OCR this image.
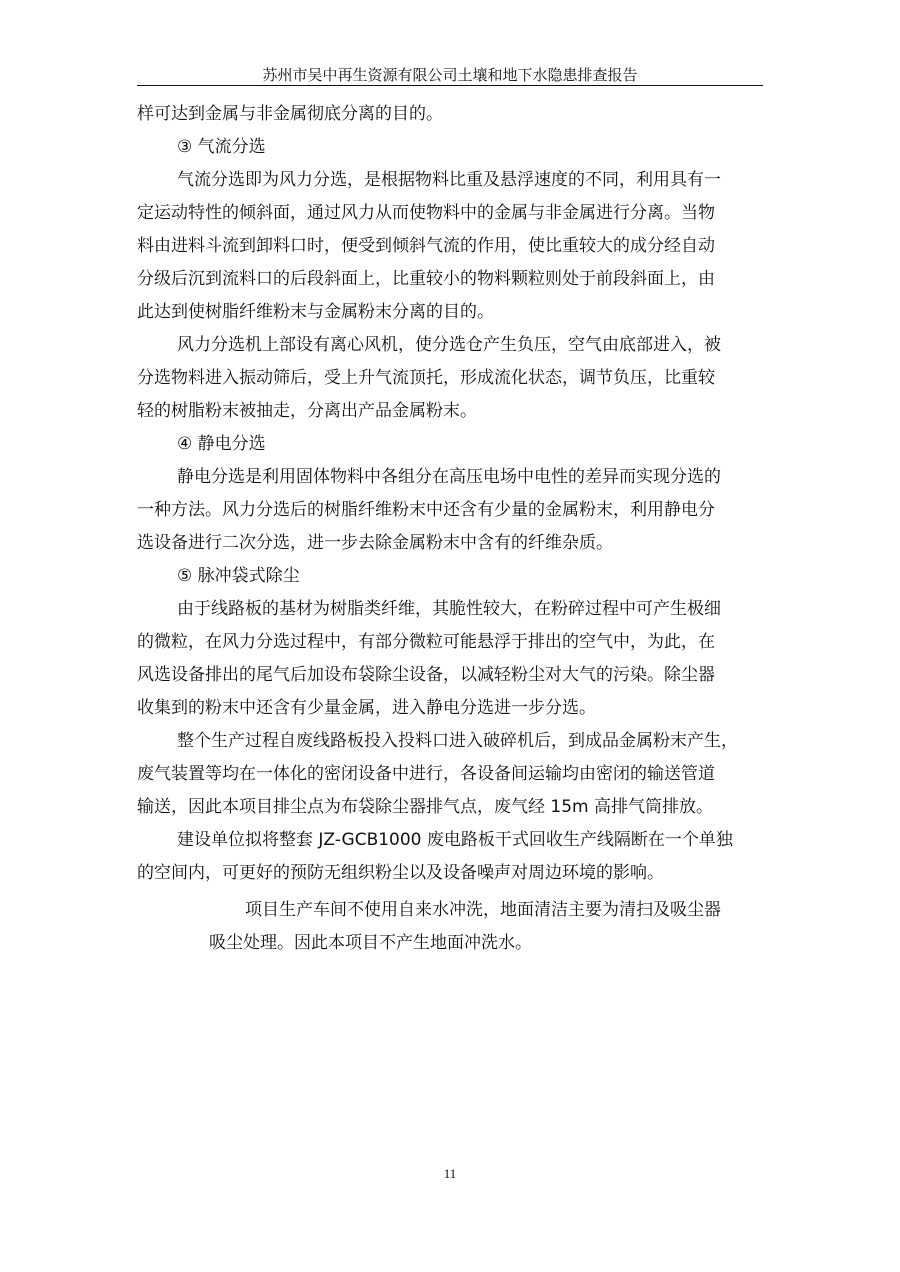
苏州市吴中再生资源有限公司土壤和地下水隐患排查报告
样可达到金属与非金属彻底分离的目的。
③ 气流分选
气流分选即为风力分选，是根据物料比重及悬浮速度的不同，利用具有一
定运动特性的倾斜面，通过风力从而使物料中的金属与非金属进行分离。当物
料由进料斗流到卸料口时，便受到倾斜气流的作用，使比重较大的成分经自动
分级后沉到流料口的后段斜面上，比重较小的物料颗粒则处于前段斜面上，由
此达到使树脂纤维粉末与金属粉末分离的目的。
风力分选机上部设有离心风机，使分选仓产生负压，空气由底部进入，被
分选物料进入振动筛后，受上升气流顶托，形成流化状态，调节负压，比重较
轻的树脂粉末被抽走，分离出产品金属粉末。
④ 静电分选
静电分选是利用固体物料中各组分在高压电场中电性的差异而实现分选的
一种方法。风力分选后的树脂纤维粉末中还含有少量的金属粉末，利用静电分
选设备进行二次分选，进一步去除金属粉末中含有的纤维杂质。
⑤ 脉冲袋式除尘
由于线路板的基材为树脂类纤维，其脆性较大，在粉碎过程中可产生极细
的微粒，在风力分选过程中，有部分微粒可能悬浮于排出的空气中，为此，在
风选设备排出的尾气后加设布袋除尘设备，以减轻粉尘对大气的污染。除尘器
收集到的粉末中还含有少量金属，进入静电分选进一步分选。
整个生产过程自废线路板投入投料口进入破碎机后，到成品金属粉末产生，
废气装置等均在一体化的密闭设备中进行，各设备间运输均由密闭的输送管道
输送，因此本项目排尘点为布袋除尘器排气点，废气经 15m 高排气筒排放。
建设单位拟将整套 JZ-GCB1000 废电路板干式回收生产线隔断在一个单独
的空间内，可更好的预防无组织粉尘以及设备噪声对周边环境的影响。
项目生产车间不使用自来水冲洗，地面清洁主要为清扫及吸尘器
吸尘处理。因此本项目不产生地面冲洗水。
11
